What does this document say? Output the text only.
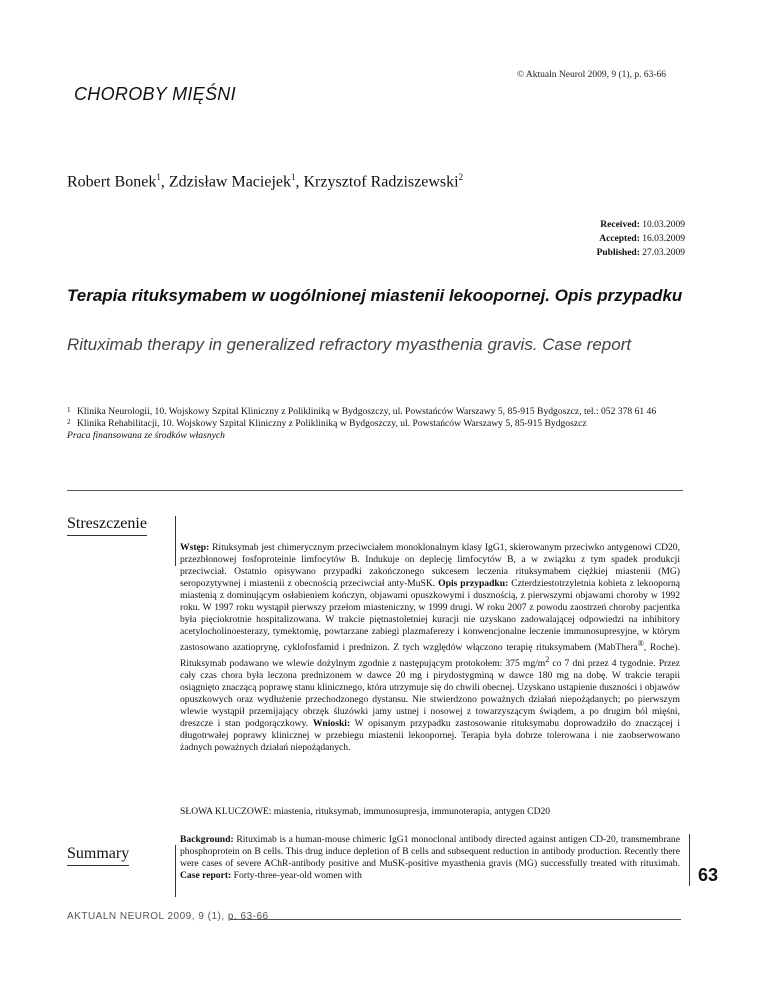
© Aktualn Neurol 2009, 9 (1), p. 63-66
CHOROBY MIĘŚNI
Robert Bonek$^1$, Zdzisław Maciejek$^1$, Krzysztof Radziszewski$^2$
Received: 10.03.2009
Accepted: 16.03.2009
Published: 27.03.2009
Terapia rituksymabem w uogólnionej miastenii lekoopornej. Opis przypadku
Rituximab therapy in generalized refractory myasthenia gravis. Case report
1 Klinika Neurologii, 10. Wojskowy Szpital Kliniczny z Polikliniką w Bydgoszczy, ul. Powstańców Warszawy 5, 85-915 Bydgoszcz, tel.: 052 378 61 46
2 Klinika Rehabilitacji, 10. Wojskowy Szpital Kliniczny z Polikliniką w Bydgoszczy, ul. Powstańców Warszawy 5, 85-915 Bydgoszcz
Praca finansowana ze środków własnych
Streszczenie
Wstęp: Rituksymab jest chimerycznym przeciwciałem monoklonalnym klasy IgG1, skierowanym przeciwko antygenowi CD20, przezbłonowej fosfoproteinie limfocytów B. Indukuje on deplecję limfocytów B, a w związku z tym spadek produkcji przeciwciał. Ostatnio opisywano przypadki zakończonego sukcesem leczenia rituksymabem ciężkiej miastenii (MG) seropozytywnej i miastenii z obecnością przeciwciał anty-MuSK. Opis przypadku: Czterdziestotrzyletnia kobieta z lekooporną miastenią z dominującym osłabieniem kończyn, objawami opuszkowymi i dusznością, z pierwszymi objawami choroby w 1992 roku. W 1997 roku wystąpił pierwszy przełom miasteniczny, w 1999 drugi. W roku 2007 z powodu zaostrzeń choroby pacjentka była pięciokrotnie hospitalizowana. W trakcie piętnastoletniej kuracji nie uzyskano zadowalającej odpowiedzi na inhibitory acetylocholinoesterazy, tymektomię, powtarzane zabiegi plazmaferezy i konwencjonalne leczenie immunosupresyjne, w którym zastosowano azatioprynę, cyklofosfamid i prednizon. Z tych względów włączono terapię rituksymabem (MabThera®, Roche). Rituksymab podawano we wlewie dożylnym zgodnie z następującym protokołem: 375 $mg/m^2$ co 7 dni przez 4 tygodnie. Przez cały czas chora była leczona prednizonem w dawce 20 mg i pirydostygminą w dawce 180 mg na dobę. W trakcie terapii osiągnięto znaczącą poprawę stanu klinicznego, która utrzymuje się do chwili obecnej. Uzyskano ustąpienie duszności i objawów opuszkowych oraz wydłużenie przechodzonego dystansu. Nie stwierdzono poważnych działań niepożądanych; po pierwszym wlewie wystąpił przemijający obrzęk śluzówki jamy ustnej i nosowej z towarzyszącym świądem, a po drugim ból mięśni, dreszcze i stan podgorączkowy. Wnioski: W opisanym przypadku zastosowanie rituksymabu doprowadziło do znaczącej i długotrwałej poprawy klinicznej w przebiegu miastenii lekoopornej. Terapia była dobrze tolerowana i nie zaobserwowano żadnych poważnych działań niepożądanych.
SŁOWA KLUCZOWE: miastenia, rituksymab, immunosupresja, immunoterapia, antygen CD20
Summary
Background: Rituximab is a human-mouse chimeric IgG1 monoclonal antibody directed against antigen CD-20, transmembrane phosphoprotein on B cells. This drug induce depletion of B cells and subsequent reduction in antibody production. Recently there were cases of severe AChR-antibody positive and MuSK-positive myasthenia gravis (MG) successfully treated with rituximab. Case report: Forty-three-year-old women with	63
AKTUALN NEUROL 2009, 9 (1), p. 63-66
